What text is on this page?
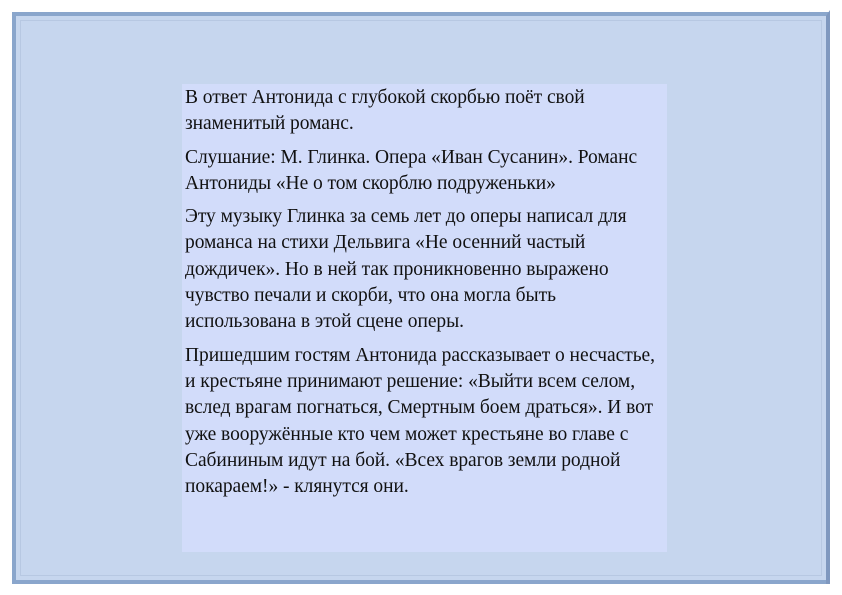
В ответ Антонида с глубокой скорбью поёт свой знаменитый романс.

Слушание: М. Глинка. Опера «Иван Сусанин». Романс Антониды «Не о том скорблю подруженьки»

Эту музыку Глинка за семь лет до оперы написал для романса на стихи Дельвига «Не осенний частый дождичек». Но в ней так проникновенно выражено чувство печали и скорби, что она могла быть использована в этой сцене оперы.

Пришедшим гостям Антонида рассказывает о несчастье, и крестьяне принимают решение: «Выйти всем селом, вслед врагам погнаться, Смертным боем драться». И вот уже вооружённые кто чем может крестьяне во главе с Сабининым идут на бой. «Всех врагов земли родной покараем!» - клянутся они.
